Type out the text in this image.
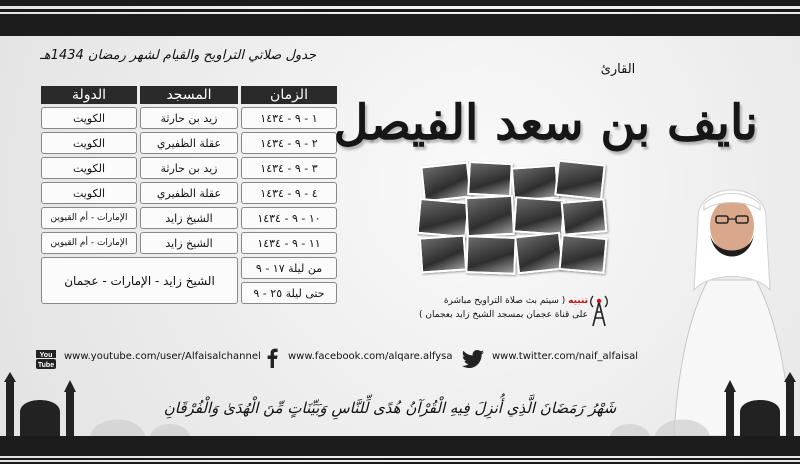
جدول صلاتي التراويح والقيام لشهر رمضان 1434هـ
الزمان	المسجد	الدولة
١ - ٩ - ١٤٣٤	زيد بن حارثة	الكويت
٢ - ٩ - ١٤٣٤	عقلة الظفيري	الكويت
٣ - ٩ - ١٤٣٤	زيد بن حارثة	الكويت
٤ - ٩ - ١٤٣٤	عقلة الظفيري	الكويت
١٠ - ٩ - ١٤٣٤	الشيخ زايد	الإمارات - أم القيوين
١١ - ٩ - ١٤٣٤	الشيخ زايد	الإمارات - أم القيوين
من ليلة ١٧ - ٩	الشيخ زايد - الإمارات - عجمان	
حتى ليلة ٢٥ - ٩		
القارئ
نايف بن سعد الفيصل
تنبيه ( سيتم بث صلاة التراويح مباشرة
على قناة عجمان بمسجد الشيخ زايد بعجمان )
You
Tube
www.youtube.com/user/Alfaisalchannel	www.facebook.com/alqare.alfysa	www.twitter.com/naif_alfaisal
شَهْرُ رَمَضَانَ الَّذِي أُنزِلَ فِيهِ الْقُرْآنُ هُدًى لِّلنَّاسِ وَبَيِّنَاتٍ مِّنَ الْهُدَىٰ وَالْفُرْقَانِ
